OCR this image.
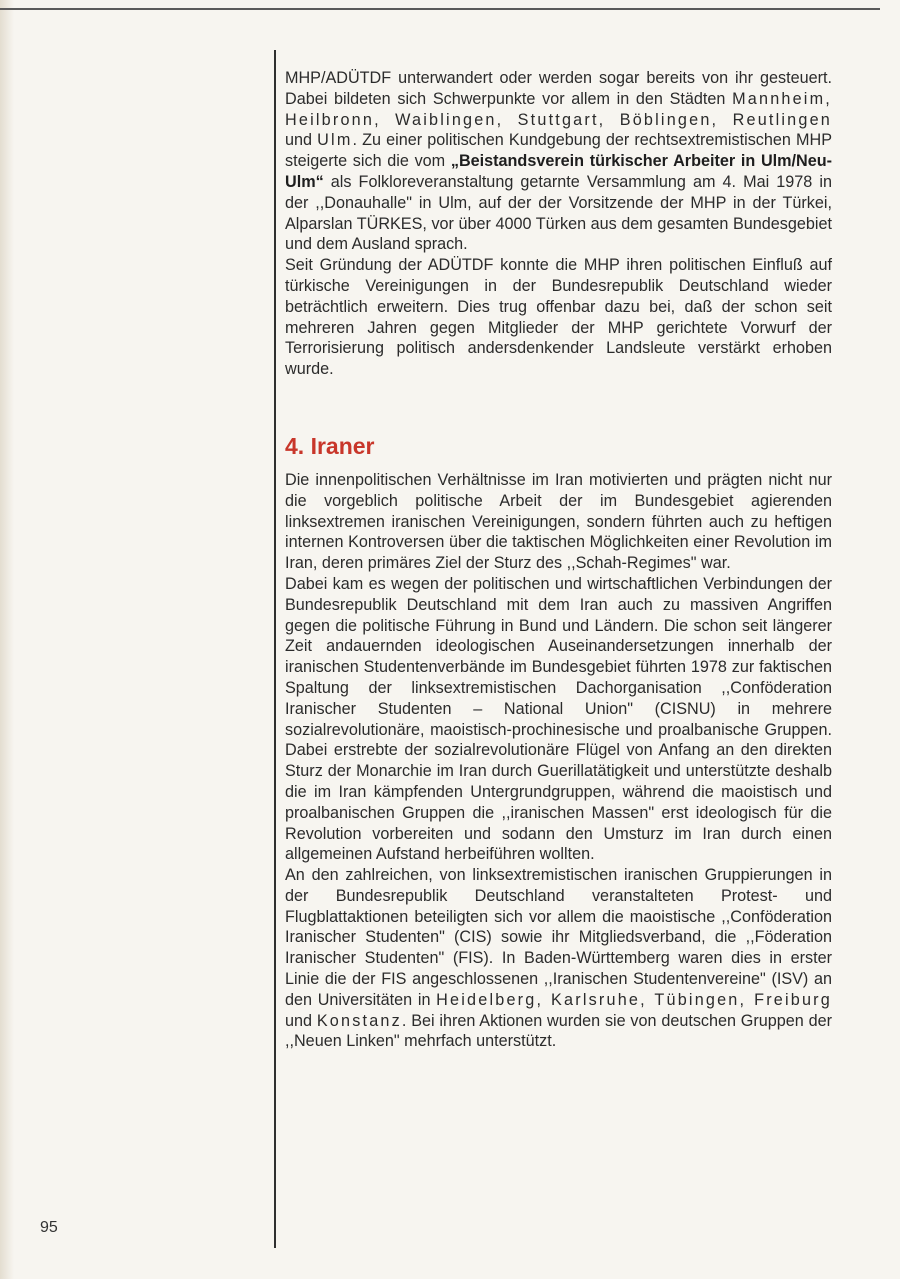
MHP/ADÜTDF unterwandert oder werden sogar bereits von ihr gesteuert. Dabei bildeten sich Schwerpunkte vor allem in den Städten Mannheim, Heilbronn, Waiblingen, Stuttgart, Böblingen, Reutlingen und Ulm. Zu einer politischen Kundgebung der rechtsextremistischen MHP steigerte sich die vom „Beistandsverein türkischer Arbeiter in Ulm/Neu-Ulm“ als Folkloreveranstaltung getarnte Versammlung am 4. Mai 1978 in der ,,Donauhalle" in Ulm, auf der der Vorsitzende der MHP in der Türkei, Alparslan TÜRKES, vor über 4000 Türken aus dem gesamten Bundesgebiet und dem Ausland sprach.

Seit Gründung der ADÜTDF konnte die MHP ihren politischen Einfluß auf türkische Vereinigungen in der Bundesrepublik Deutschland wieder beträchtlich erweitern. Dies trug offenbar dazu bei, daß der schon seit mehreren Jahren gegen Mitglieder der MHP gerichtete Vorwurf der Terrorisierung politisch andersdenkender Landsleute verstärkt erhoben wurde.

4. Iraner

Die innenpolitischen Verhältnisse im Iran motivierten und prägten nicht nur die vorgeblich politische Arbeit der im Bundesgebiet agierenden linksextremen iranischen Vereinigungen, sondern führten auch zu heftigen internen Kontroversen über die taktischen Möglichkeiten einer Revolution im Iran, deren primäres Ziel der Sturz des ,,Schah-Regimes" war.

Dabei kam es wegen der politischen und wirtschaftlichen Verbindungen der Bundesrepublik Deutschland mit dem Iran auch zu massiven Angriffen gegen die politische Führung in Bund und Ländern. Die schon seit längerer Zeit andauernden ideologischen Auseinandersetzungen innerhalb der iranischen Studentenverbände im Bundesgebiet führten 1978 zur faktischen Spaltung der linksextremistischen Dachorganisation ,,Conföderation Iranischer Studenten – National Union" (CISNU) in mehrere sozialrevolutionäre, maoistisch-prochinesische und proalbanische Gruppen. Dabei erstrebte der sozialrevolutionäre Flügel von Anfang an den direkten Sturz der Monarchie im Iran durch Guerillatätigkeit und unterstützte deshalb die im Iran kämpfenden Untergrundgruppen, während die maoistisch und proalbanischen Gruppen die ,,iranischen Massen" erst ideologisch für die Revolution vorbereiten und sodann den Umsturz im Iran durch einen allgemeinen Aufstand herbeiführen wollten.

An den zahlreichen, von linksextremistischen iranischen Gruppierungen in der Bundesrepublik Deutschland veranstalteten Protest- und Flugblattaktionen beteiligten sich vor allem die maoistische ,,Conföderation Iranischer Studenten" (CIS) sowie ihr Mitgliedsverband, die ,,Föderation Iranischer Studenten" (FIS). In Baden-Württemberg waren dies in erster Linie die der FIS angeschlossenen ,,Iranischen Studentenvereine" (ISV) an den Universitäten in Heidelberg, Karlsruhe, Tübingen, Freiburg und Konstanz. Bei ihren Aktionen wurden sie von deutschen Gruppen der ,,Neuen Linken" mehrfach unterstützt.

95
